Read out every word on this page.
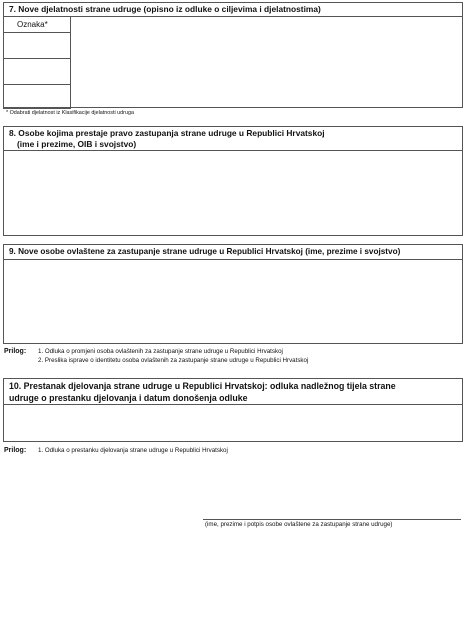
7. Nove djelatnosti strane udruge (opisno iz odluke o ciljevima i djelatnostima)
Oznaka*
* Odabrati djelatnost iz Klasifikacije djelatnosti udruga
8. Osobe kojima prestaje pravo zastupanja strane udruge u Republici Hrvatskoj
(ime i prezime, OIB i svojstvo)
9. Nove osobe ovlaštene za zastupanje strane udruge u Republici Hrvatskoj (ime, prezime i svojstvo)
Prilog: 1. Odluka o promjeni osoba ovlaštenih za zastupanje strane udruge u Republici Hrvatskoj
2. Preslika isprave o identitetu osoba ovlaštenih za zastupanje strane udruge u Republici Hrvatskoj
10. Prestanak djelovanja strane udruge u Republici Hrvatskoj: odluka nadležnog tijela strane
udruge o prestanku djelovanja i datum donošenja odluke
Prilog: 1. Odluka o prestanku djelovanja strane udruge u Republici Hrvatskoj
(ime, prezime i potpis osobe ovlaštene za zastupanje strane udruge)
